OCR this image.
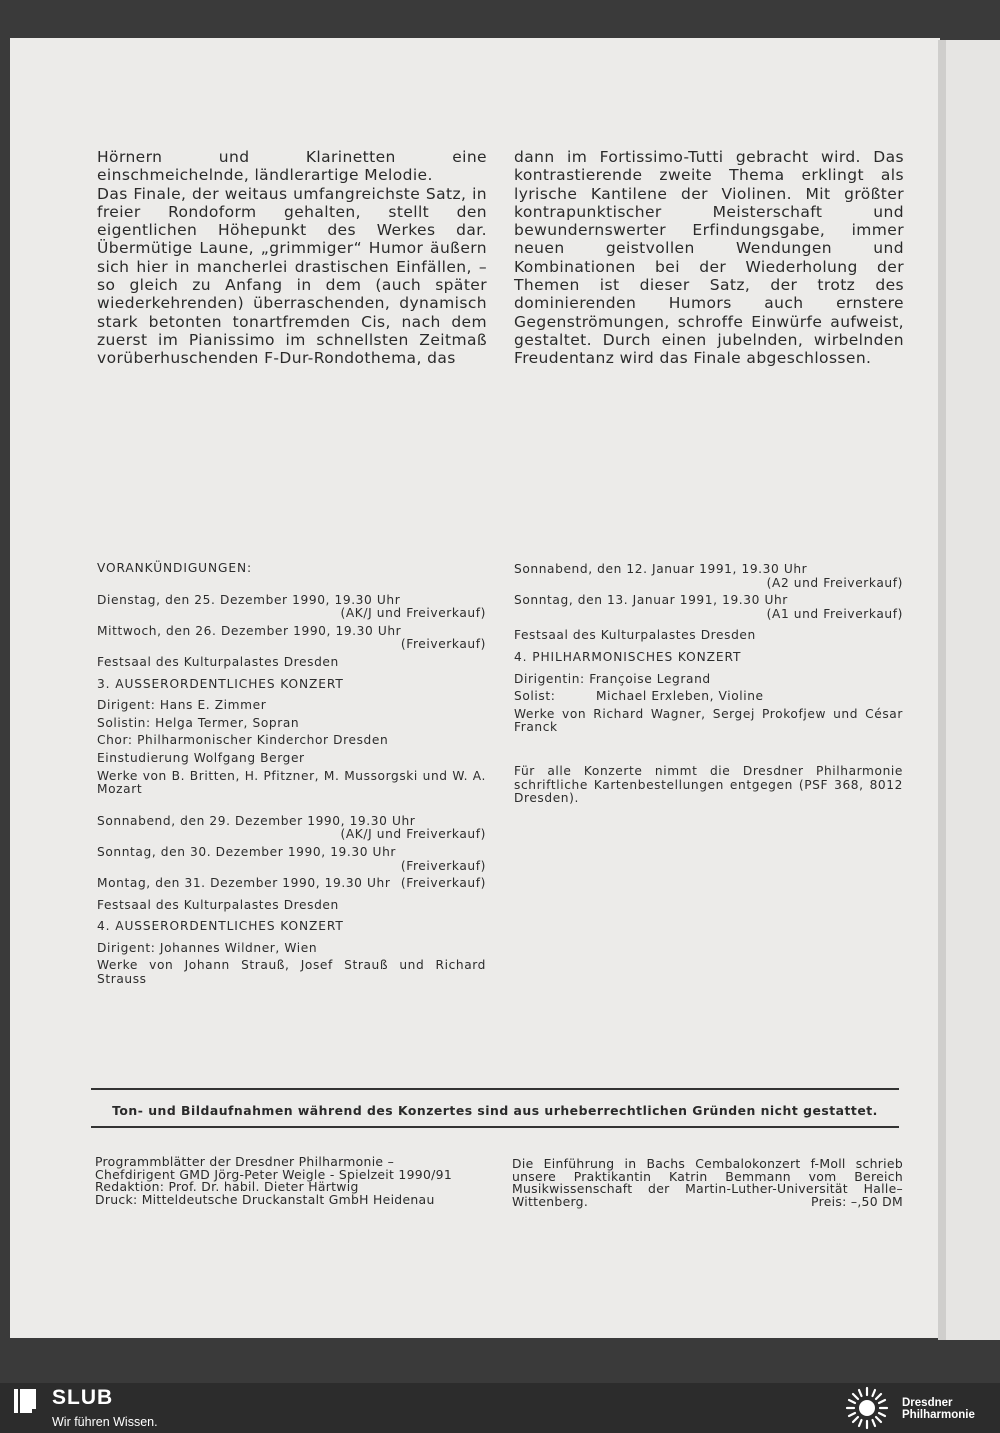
Hörnern und Klarinetten eine einschmeichelnde, ländlerartige Melodie.

Das Finale, der weitaus umfangreichste Satz, in freier Rondoform gehalten, stellt den eigentlichen Höhepunkt des Werkes dar. Übermütige Laune, „grimmiger“ Humor äußern sich hier in mancherlei drastischen Einfällen, – so gleich zu Anfang in dem (auch später wiederkehrenden) überraschenden, dynamisch stark betonten tonartfremden Cis, nach dem zuerst im Pianissimo im schnellsten Zeitmaß vorüberhuschenden F-Dur-Rondothema, das

dann im Fortissimo-Tutti gebracht wird. Das kontrastierende zweite Thema erklingt als lyrische Kantilene der Violinen. Mit größter kontrapunktischer Meisterschaft und bewundernswerter Erfindungsgabe, immer neuen geistvollen Wendungen und Kombinationen bei der Wiederholung der Themen ist dieser Satz, der trotz des dominierenden Humors auch ernstere Gegenströmungen, schroffe Einwürfe aufweist, gestaltet. Durch einen jubelnden, wirbelnden Freudentanz wird das Finale abgeschlossen.

VORANKÜNDIGUNGEN:
Dienstag, den 25. Dezember 1990, 19.30 Uhr
(AK/J und Freiverkauf)
Mittwoch, den 26. Dezember 1990, 19.30 Uhr
(Freiverkauf)
Festsaal des Kulturpalastes Dresden
3. AUSSERORDENTLICHES KONZERT
Dirigent: Hans E. Zimmer
Solistin: Helga Termer, Sopran
Chor: Philharmonischer Kinderchor Dresden
Einstudierung Wolfgang Berger
Werke von B. Britten, H. Pfitzner, M. Mussorgski und W. A. Mozart
Sonnabend, den 29. Dezember 1990, 19.30 Uhr
(AK/J und Freiverkauf)
Sonntag, den 30. Dezember 1990, 19.30 Uhr
(Freiverkauf)
Montag, den 31. Dezember 1990, 19.30 Uhr (Freiverkauf)
Festsaal des Kulturpalastes Dresden
4. AUSSERORDENTLICHES KONZERT
Dirigent: Johannes Wildner, Wien
Werke von Johann Strauß, Josef Strauß und Richard Strauss
Sonnabend, den 12. Januar 1991, 19.30 Uhr
(A2 und Freiverkauf)
Sonntag, den 13. Januar 1991, 19.30 Uhr
(A1 und Freiverkauf)
Festsaal des Kulturpalastes Dresden
4. PHILHARMONISCHES KONZERT
Dirigentin: Françoise Legrand
Solist:	Michael Erxleben, Violine
Werke von Richard Wagner, Sergej Prokofjew und César Franck
Für alle Konzerte nimmt die Dresdner Philharmonie schriftliche Kartenbestellungen entgegen (PSF 368, 8012 Dresden).
Ton- und Bildaufnahmen während des Konzertes sind aus urheberrechtlichen Gründen nicht gestattet.
Programmblätter der Dresdner Philharmonie –
Chefdirigent GMD Jörg-Peter Weigle - Spielzeit 1990/91
Redaktion: Prof. Dr. habil. Dieter Härtwig
Druck: Mitteldeutsche Druckanstalt GmbH Heidenau
Die Einführung in Bachs Cembalokonzert f-Moll schrieb unsere Praktikantin Katrin Bemmann vom Bereich Musikwissenschaft der Martin-Luther-Universität Halle–Wittenberg.	Preis: –,50 DM
SLUB
Wir führen Wissen.
Dresdner
Philharmonie
